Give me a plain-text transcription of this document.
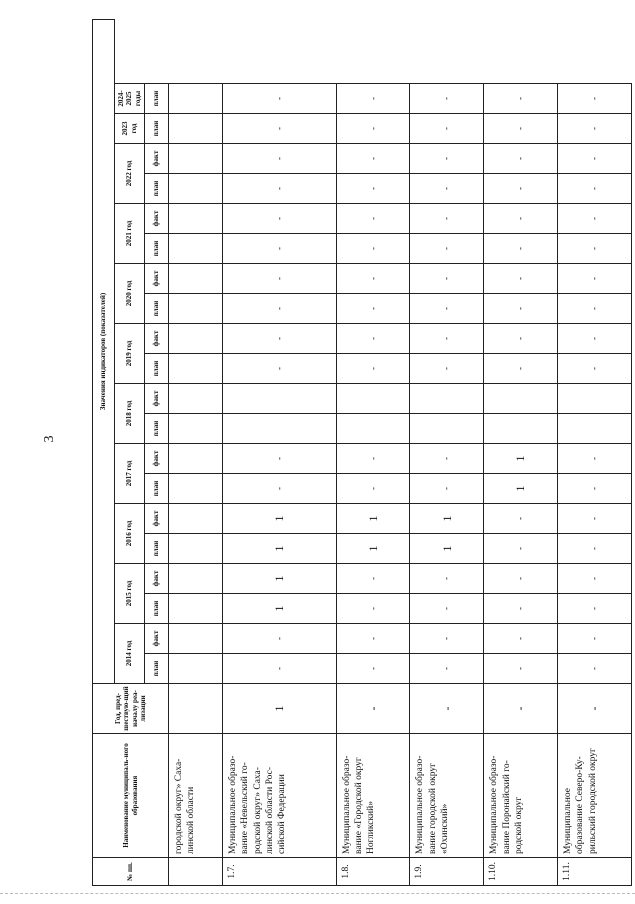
3
№ пп.	Наименование муниципаль-ного образования	Год, пред-шествую-щий началу реа-лизации	Значения индикаторов (показателей)																			
			2014 год		2015 год		2016 год		2017 год		2018 год		2019 год		2020 год		2021 год		2022 год		2023 год	2024-2025 годы
			план	факт	план	факт	план	факт	план	факт	план	факт	план	факт	план	факт	план	факт	план	факт	план	план
	городской округ» Саха-линской области																					
1.7.	Муниципальное образо-вание «Невельский го-родской округ» Саха-линской области Рос-сийской Федерации	1	-	-	1	1	1	1	-	-			-	-	-	-	-	-	-	-	-	-
1.8.	Муниципальное образо-вание «Городской округ Ногликский»	-	-	-	-	-	1	1	-	-			-	-	-	-	-	-	-	-	-	-
1.9.	Муниципальное образо-вание городской округ «Охинский»	-	-	-	-	-	1	1	-	-			-	-	-	-	-	-	-	-	-	-
1.10.	Муниципальное образо-вание Поронайский го-родской округ	-	-	-	-	-	-	-	1	1			-	-	-	-	-	-	-	-	-	-
1.11.	Муниципальное образование Северо-Ку-рильский городской округ	-	-	-	-	-	-	-	-	-			-	-	-	-	-	-	-	-	-	-
